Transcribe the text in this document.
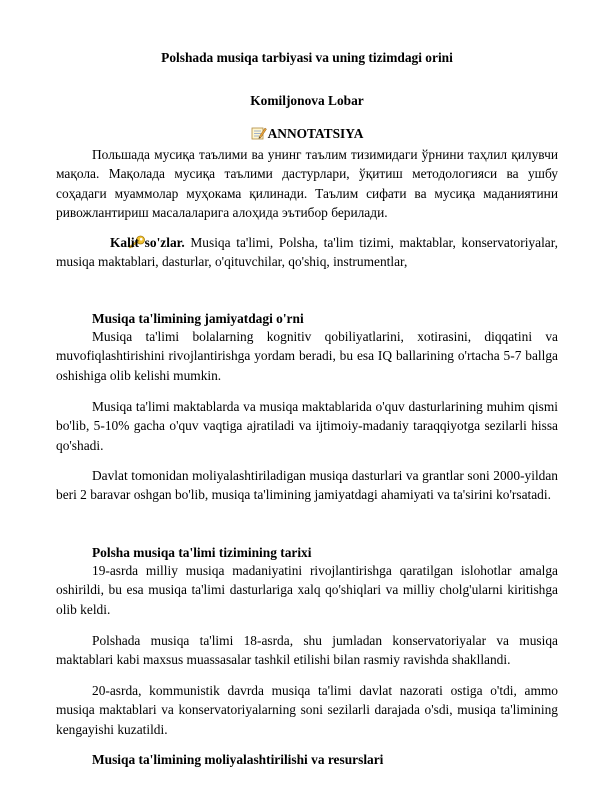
Polshada musiqa tarbiyasi va uning tizimdagi orini
Komiljonova Lobar
ANNOTATSIYA

Польшада мусиқа таълими ва унинг таълим тизимидаги ўрнини таҳлил қилувчи мақола. Мақолада мусиқа таълими дастурлари, ўқитиш методологияси ва ушбу соҳадаги муаммолар муҳокама қилинади. Таълим сифати ва мусиқа маданиятини ривожлантириш масалаларига алоҳида эътибор берилади.

Kalit so'zlar. Musiqa ta'limi, Polsha, ta'lim tizimi, maktablar, konservatoriyalar, musiqa maktablari, dasturlar, o'qituvchilar, qo'shiq, instrumentlar,

Musiqa ta'limining jamiyatdagi o'rni

Musiqa ta'limi bolalarning kognitiv qobiliyatlarini, xotirasini, diqqatini va muvofiqlashtirishini rivojlantirishga yordam beradi, bu esa IQ ballarining o'rtacha 5-7 ballga oshishiga olib kelishi mumkin.

Musiqa ta'limi maktablarda va musiqa maktablarida o'quv dasturlarining muhim qismi bo'lib, 5-10% gacha o'quv vaqtiga ajratiladi va ijtimoiy-madaniy taraqqiyotga sezilarli hissa qo'shadi.

Davlat tomonidan moliyalashtiriladigan musiqa dasturlari va grantlar soni 2000-yildan beri 2 baravar oshgan bo'lib, musiqa ta'limining jamiyatdagi ahamiyati va ta'sirini ko'rsatadi.

Polsha musiqa ta'limi tizimining tarixi

19-asrda milliy musiqa madaniyatini rivojlantirishga qaratilgan islohotlar amalga oshirildi, bu esa musiqa ta'limi dasturlariga xalq qo'shiqlari va milliy cholg'ularni kiritishga olib keldi.

Polshada musiqa ta'limi 18-asrda, shu jumladan konservatoriyalar va musiqa maktablari kabi maxsus muassasalar tashkil etilishi bilan rasmiy ravishda shakllandi.

20-asrda, kommunistik davrda musiqa ta'limi davlat nazorati ostiga o'tdi, ammo musiqa maktablari va konservatoriyalarning soni sezilarli darajada o'sdi, musiqa ta'limining kengayishi kuzatildi.

Musiqa ta'limining moliyalashtirilishi va resurslari
